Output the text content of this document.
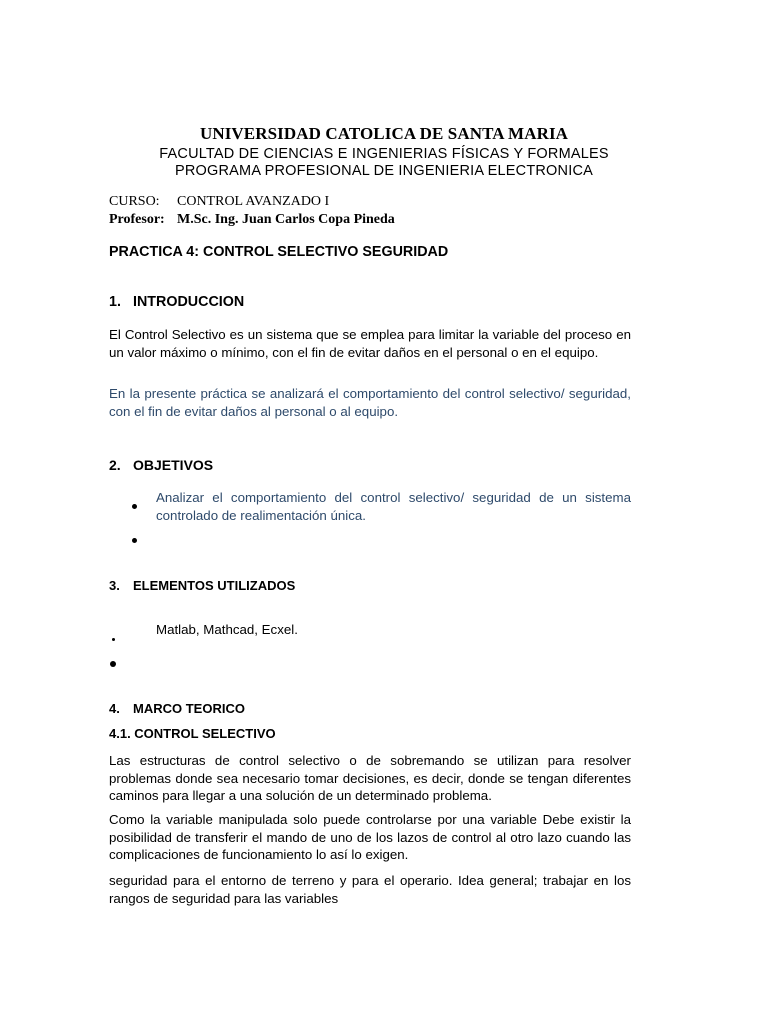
UNIVERSIDAD CATOLICA DE SANTA MARIA
FACULTAD DE CIENCIAS E INGENIERIAS FÍSICAS Y FORMALES
PROGRAMA PROFESIONAL DE INGENIERIA ELECTRONICA
CURSO: CONTROL AVANZADO I
Profesor: M.Sc. Ing. Juan Carlos Copa Pineda
PRACTICA 4: CONTROL SELECTIVO SEGURIDAD
1. INTRODUCCION
El Control Selectivo es un sistema que se emplea para limitar la variable del proceso en un valor máximo o mínimo, con el fin de evitar daños en el personal o en el equipo.
En la presente práctica se analizará el comportamiento del control selectivo/ seguridad, con el fin de evitar daños al personal o al equipo.
2. OBJETIVOS
Analizar el comportamiento del control selectivo/ seguridad de un sistema controlado de realimentación única.
3. ELEMENTOS UTILIZADOS
Matlab, Mathcad, Ecxel.
4. MARCO TEORICO
4.1. CONTROL SELECTIVO
Las estructuras de control selectivo o de sobremando se utilizan para resolver problemas donde sea necesario tomar decisiones, es decir, donde se tengan diferentes caminos para llegar a una solución de un determinado problema.
Como la variable manipulada solo puede controlarse por una variable Debe existir la posibilidad de transferir el mando de uno de los lazos de control al otro lazo cuando las complicaciones de funcionamiento lo así lo exigen.
seguridad para el entorno de terreno y para el operario. Idea general; trabajar en los rangos de seguridad para las variables
